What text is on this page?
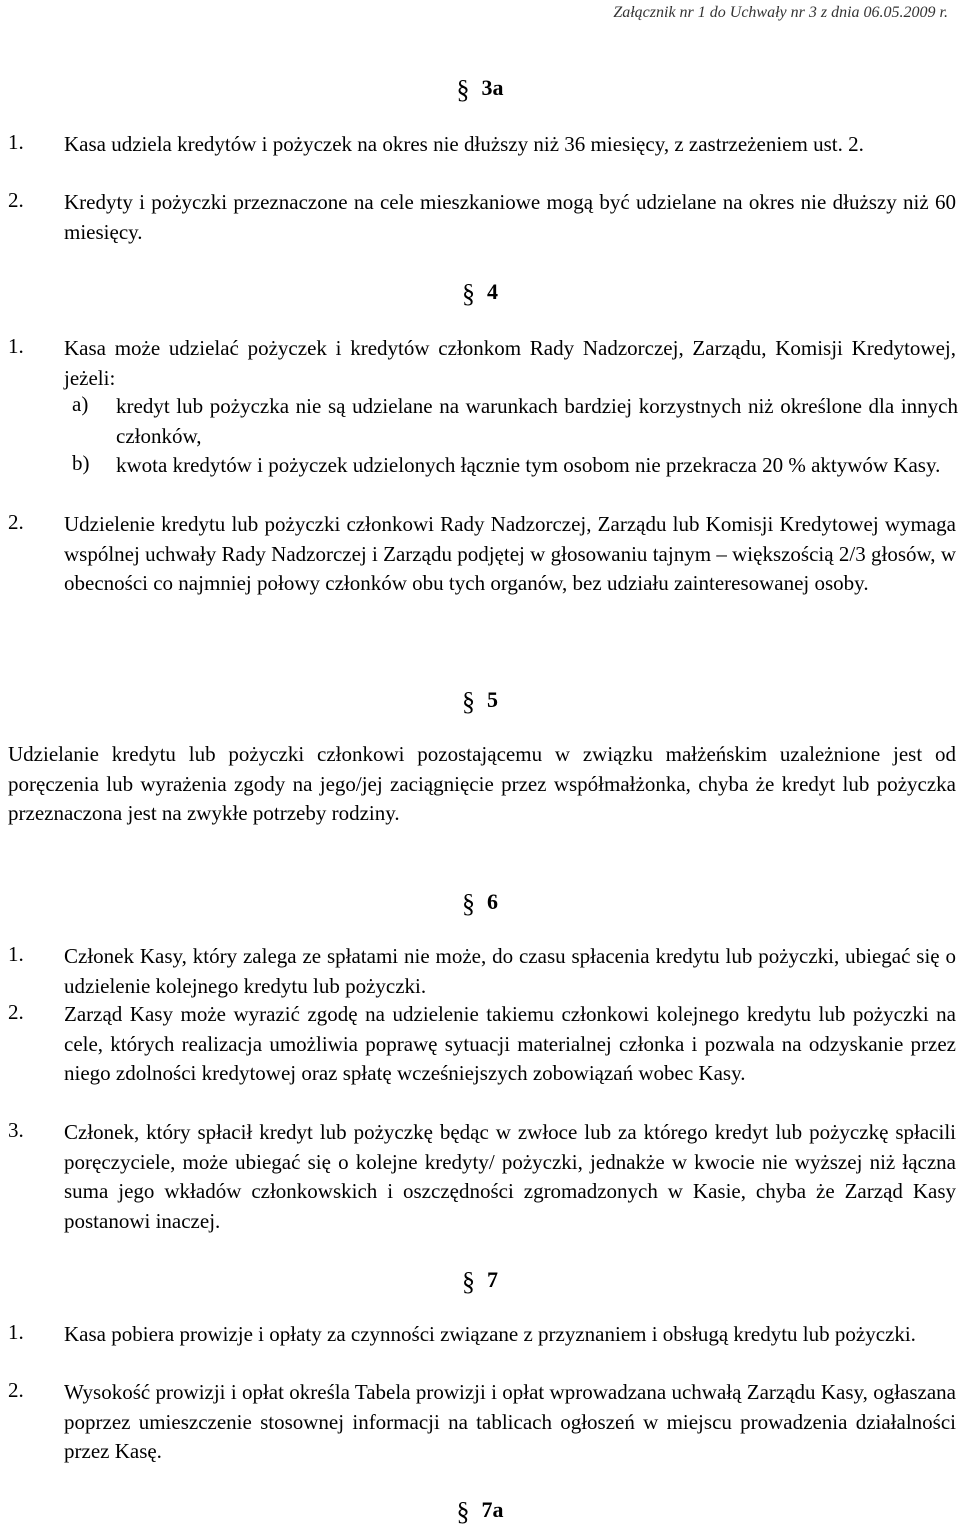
Załącznik nr 1 do Uchwały nr 3 z dnia 06.05.2009 r.
§ 3a
1.	Kasa udziela kredytów i pożyczek na okres nie dłuższy niż 36 miesięcy, z zastrzeżeniem ust. 2.
2.	Kredyty i pożyczki przeznaczone na cele mieszkaniowe mogą być udzielane na okres nie dłuższy niż 60 miesięcy.
§ 4
1.	Kasa może udzielać pożyczek i kredytów członkom Rady Nadzorczej, Zarządu, Komisji Kredytowej, jeżeli:
a) kredyt lub pożyczka nie są udzielane na warunkach bardziej korzystnych niż określone dla innych członków,
b) kwota kredytów i pożyczek udzielonych łącznie tym osobom nie przekracza 20 % aktywów Kasy.
2.	Udzielenie kredytu lub pożyczki członkowi Rady Nadzorczej, Zarządu lub Komisji Kredytowej wymaga wspólnej uchwały Rady Nadzorczej i Zarządu podjętej w głosowaniu tajnym – większością 2/3 głosów, w obecności co najmniej połowy członków obu tych organów, bez udziału zainteresowanej osoby.
§ 5
Udzielanie kredytu lub pożyczki członkowi pozostającemu w związku małżeńskim uzależnione jest od poręczenia lub wyrażenia zgody na jego/jej zaciągnięcie przez współmałżonka, chyba że kredyt lub pożyczka przeznaczona jest na zwykłe potrzeby rodziny.
§ 6
1.	Członek Kasy, który zalega ze spłatami nie może, do czasu spłacenia kredytu lub pożyczki, ubiegać się o udzielenie kolejnego kredytu lub pożyczki.
2.	Zarząd Kasy może wyrazić zgodę na udzielenie takiemu członkowi kolejnego kredytu lub pożyczki na cele, których realizacja umożliwia poprawę sytuacji materialnej członka i pozwala na odzyskanie przez niego zdolności kredytowej oraz spłatę wcześniejszych zobowiązań wobec Kasy.
3.	Członek, który spłacił kredyt lub pożyczkę będąc w zwłoce lub za którego kredyt lub pożyczkę spłacili poręczyciele, może ubiegać się o kolejne kredyty/ pożyczki, jednakże w kwocie nie wyższej niż łączna suma jego wkładów członkowskich i oszczędności zgromadzonych w Kasie, chyba że Zarząd Kasy postanowi inaczej.
§ 7
1.	Kasa pobiera prowizje i opłaty za czynności związane z przyznaniem i obsługą kredytu lub pożyczki.
2.	Wysokość prowizji i opłat określa Tabela prowizji i opłat wprowadzana uchwałą Zarządu Kasy, ogłaszana poprzez umieszczenie stosownej informacji na tablicach ogłoszeń w miejscu prowadzenia działalności przez Kasę.
§ 7a
